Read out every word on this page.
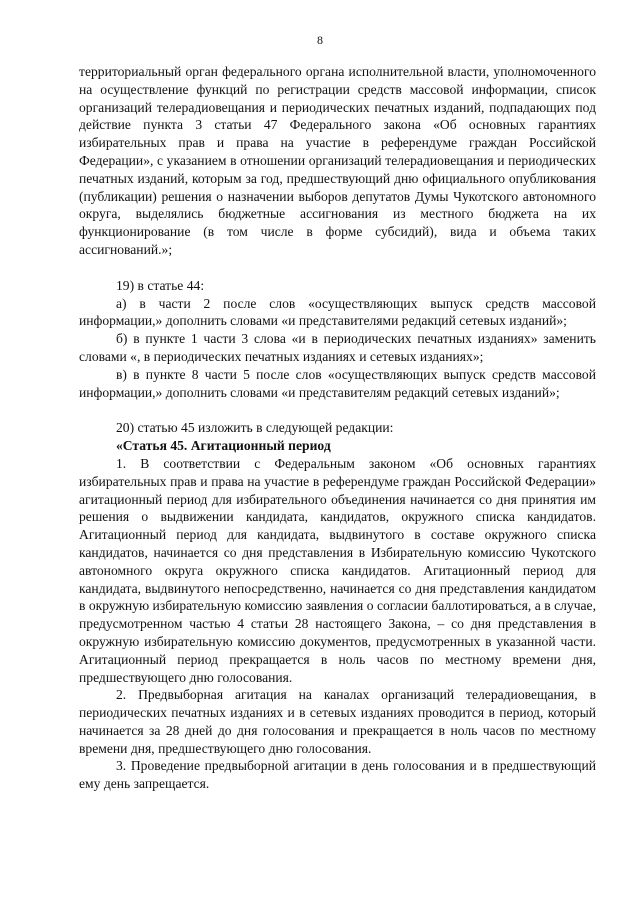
8

территориальный орган федерального органа исполнительной власти, уполномоченного на осуществление функций по регистрации средств массовой информации, список организаций телерадиовещания и периодических печатных изданий, подпадающих под действие пункта 3 статьи 47 Федерального закона «Об основных гарантиях избирательных прав и права на участие в референдуме граждан Российской Федерации», с указанием в отношении организаций телерадиовещания и периодических печатных изданий, которым за год, предшествующий дню официального опубликования (публикации) решения о назначении выборов депутатов Думы Чукотского автономного округа, выделялись бюджетные ассигнования из местного бюджета на их функционирование (в том числе в форме субсидий), вида и объема таких ассигнований.»;

19) в статье 44:

а) в части 2 после слов «осуществляющих выпуск средств массовой информации,» дополнить словами «и представителями редакций сетевых изданий»;

б) в пункте 1 части 3 слова «и в периодических печатных изданиях» заменить словами «, в периодических печатных изданиях и сетевых изданиях»;

в) в пункте 8 части 5 после слов «осуществляющих выпуск средств массовой информации,» дополнить словами «и представителям редакций сетевых изданий»;

20) статью 45 изложить в следующей редакции:

«Статья 45. Агитационный период

1. В соответствии с Федеральным законом «Об основных гарантиях избирательных прав и права на участие в референдуме граждан Российской Федерации» агитационный период для избирательного объединения начинается со дня принятия им решения о выдвижении кандидата, кандидатов, окружного списка кандидатов. Агитационный период для кандидата, выдвинутого в составе окружного списка кандидатов, начинается со дня представления в Избирательную комиссию Чукотского автономного округа окружного списка кандидатов. Агитационный период для кандидата, выдвинутого непосредственно, начинается со дня представления кандидатом в окружную избирательную комиссию заявления о согласии баллотироваться, а в случае, предусмотренном частью 4 статьи 28 настоящего Закона, – со дня представления в окружную избирательную комиссию документов, предусмотренных в указанной части. Агитационный период прекращается в ноль часов по местному времени дня, предшествующего дню голосования.

2. Предвыборная агитация на каналах организаций телерадиовещания, в периодических печатных изданиях и в сетевых изданиях проводится в период, который начинается за 28 дней до дня голосования и прекращается в ноль часов по местному времени дня, предшествующего дню голосования.

3. Проведение предвыборной агитации в день голосования и в предшествующий ему день запрещается.
